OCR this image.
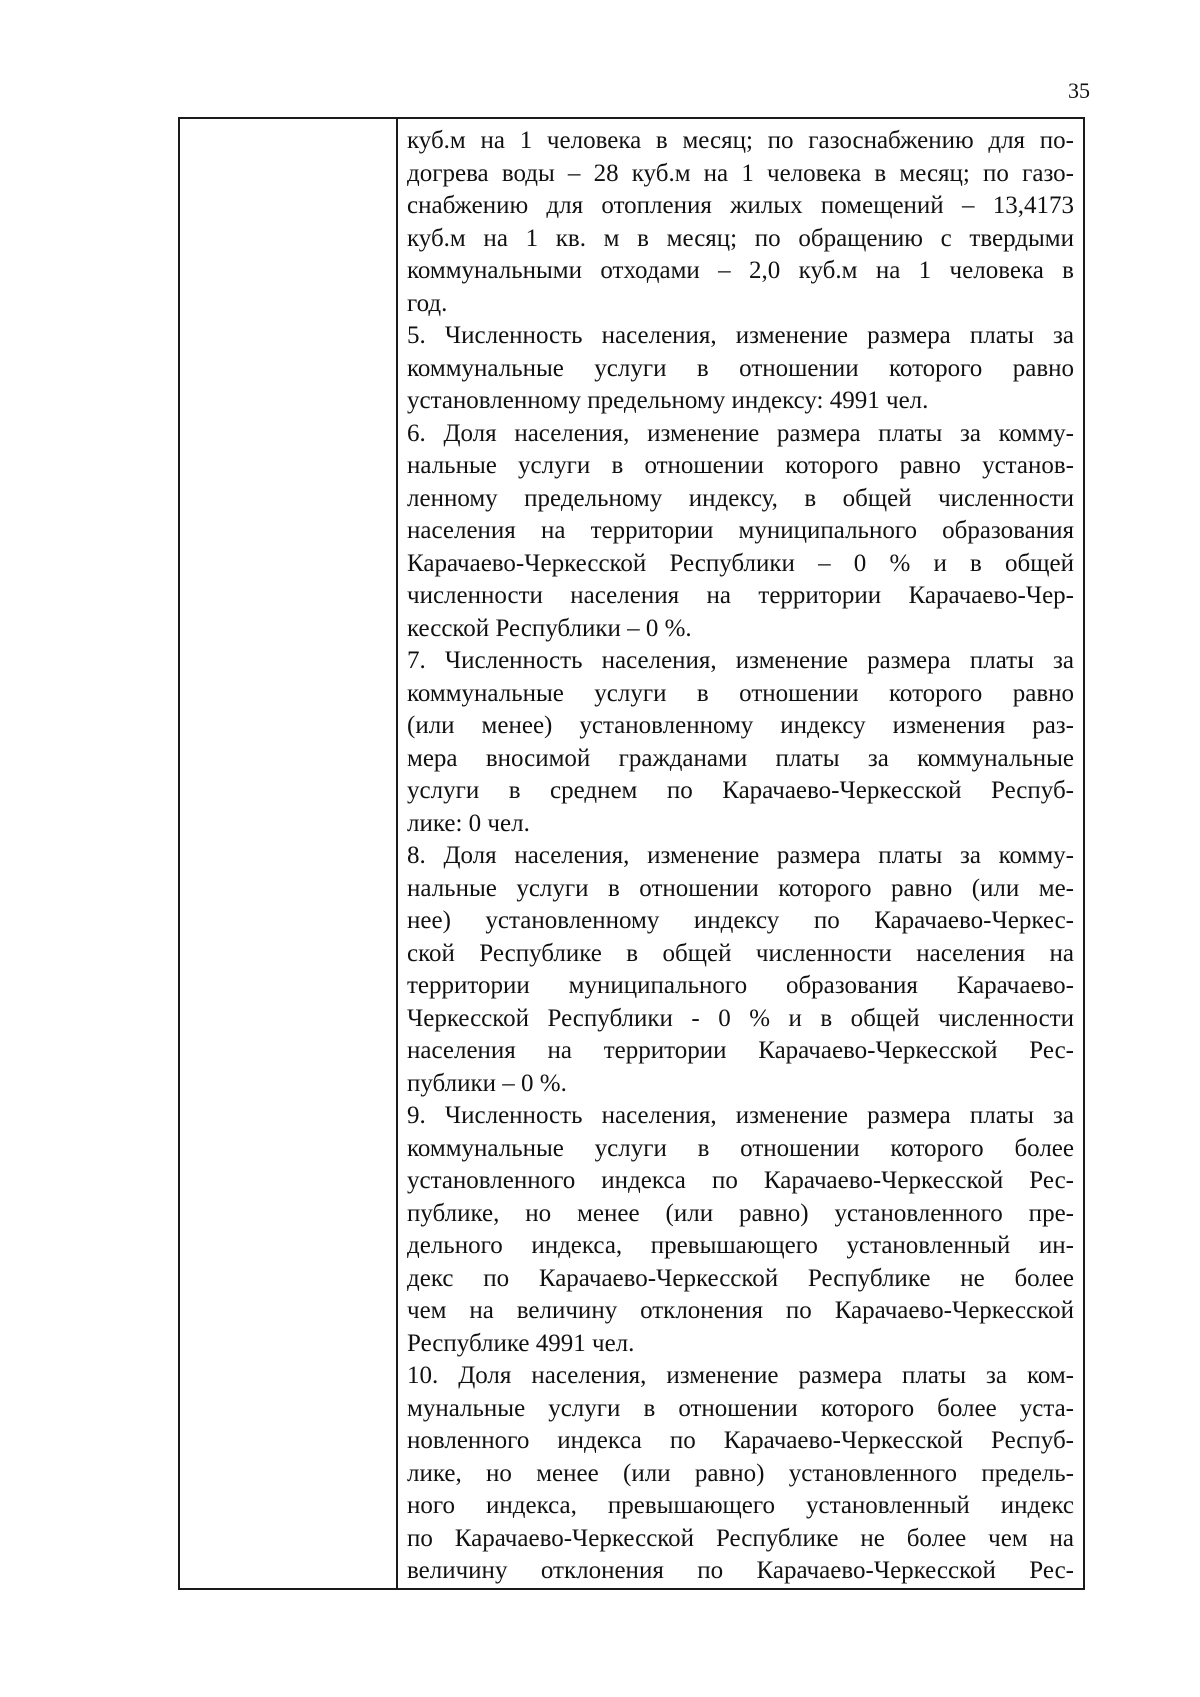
35
куб.м на 1 человека в месяц; по газоснабжению для по-
догрева воды – 28 куб.м на 1 человека в месяц; по газо-
снабжению для отопления жилых помещений – 13,4173
куб.м на 1 кв. м в месяц; по обращению с твердыми
коммунальными отходами – 2,0 куб.м на 1 человека в
год.
5. Численность населения, изменение размера платы за
коммунальные услуги в отношении которого равно
установленному предельному индексу: 4991 чел.
6. Доля населения, изменение размера платы за комму-
нальные услуги в отношении которого равно установ-
ленному предельному индексу, в общей численности
населения на территории муниципального образования
Карачаево-Черкесской Республики – 0 % и в общей
численности населения на территории Карачаево-Чер-
кесской Республики – 0 %.
7. Численность населения, изменение размера платы за
коммунальные услуги в отношении которого равно
(или менее) установленному индексу изменения раз-
мера вносимой гражданами платы за коммунальные
услуги в среднем по Карачаево-Черкесской Респуб-
лике: 0 чел.
8. Доля населения, изменение размера платы за комму-
нальные услуги в отношении которого равно (или ме-
нее) установленному индексу по Карачаево-Черкес-
ской Республике в общей численности населения на
территории муниципального образования Карачаево-
Черкесской Республики - 0 % и в общей численности
населения на территории Карачаево-Черкесской Рес-
публики – 0 %.
9. Численность населения, изменение размера платы за
коммунальные услуги в отношении которого более
установленного индекса по Карачаево-Черкесской Рес-
публике, но менее (или равно) установленного пре-
дельного индекса, превышающего установленный ин-
декс по Карачаево-Черкесской Республике не более
чем на величину отклонения по Карачаево-Черкесской
Республике 4991 чел.
10. Доля населения, изменение размера платы за ком-
мунальные услуги в отношении которого более уста-
новленного индекса по Карачаево-Черкесской Респуб-
лике, но менее (или равно) установленного предель-
ного индекса, превышающего установленный индекс
по Карачаево-Черкесской Республике не более чем на
величину отклонения по Карачаево-Черкесской Рес-
